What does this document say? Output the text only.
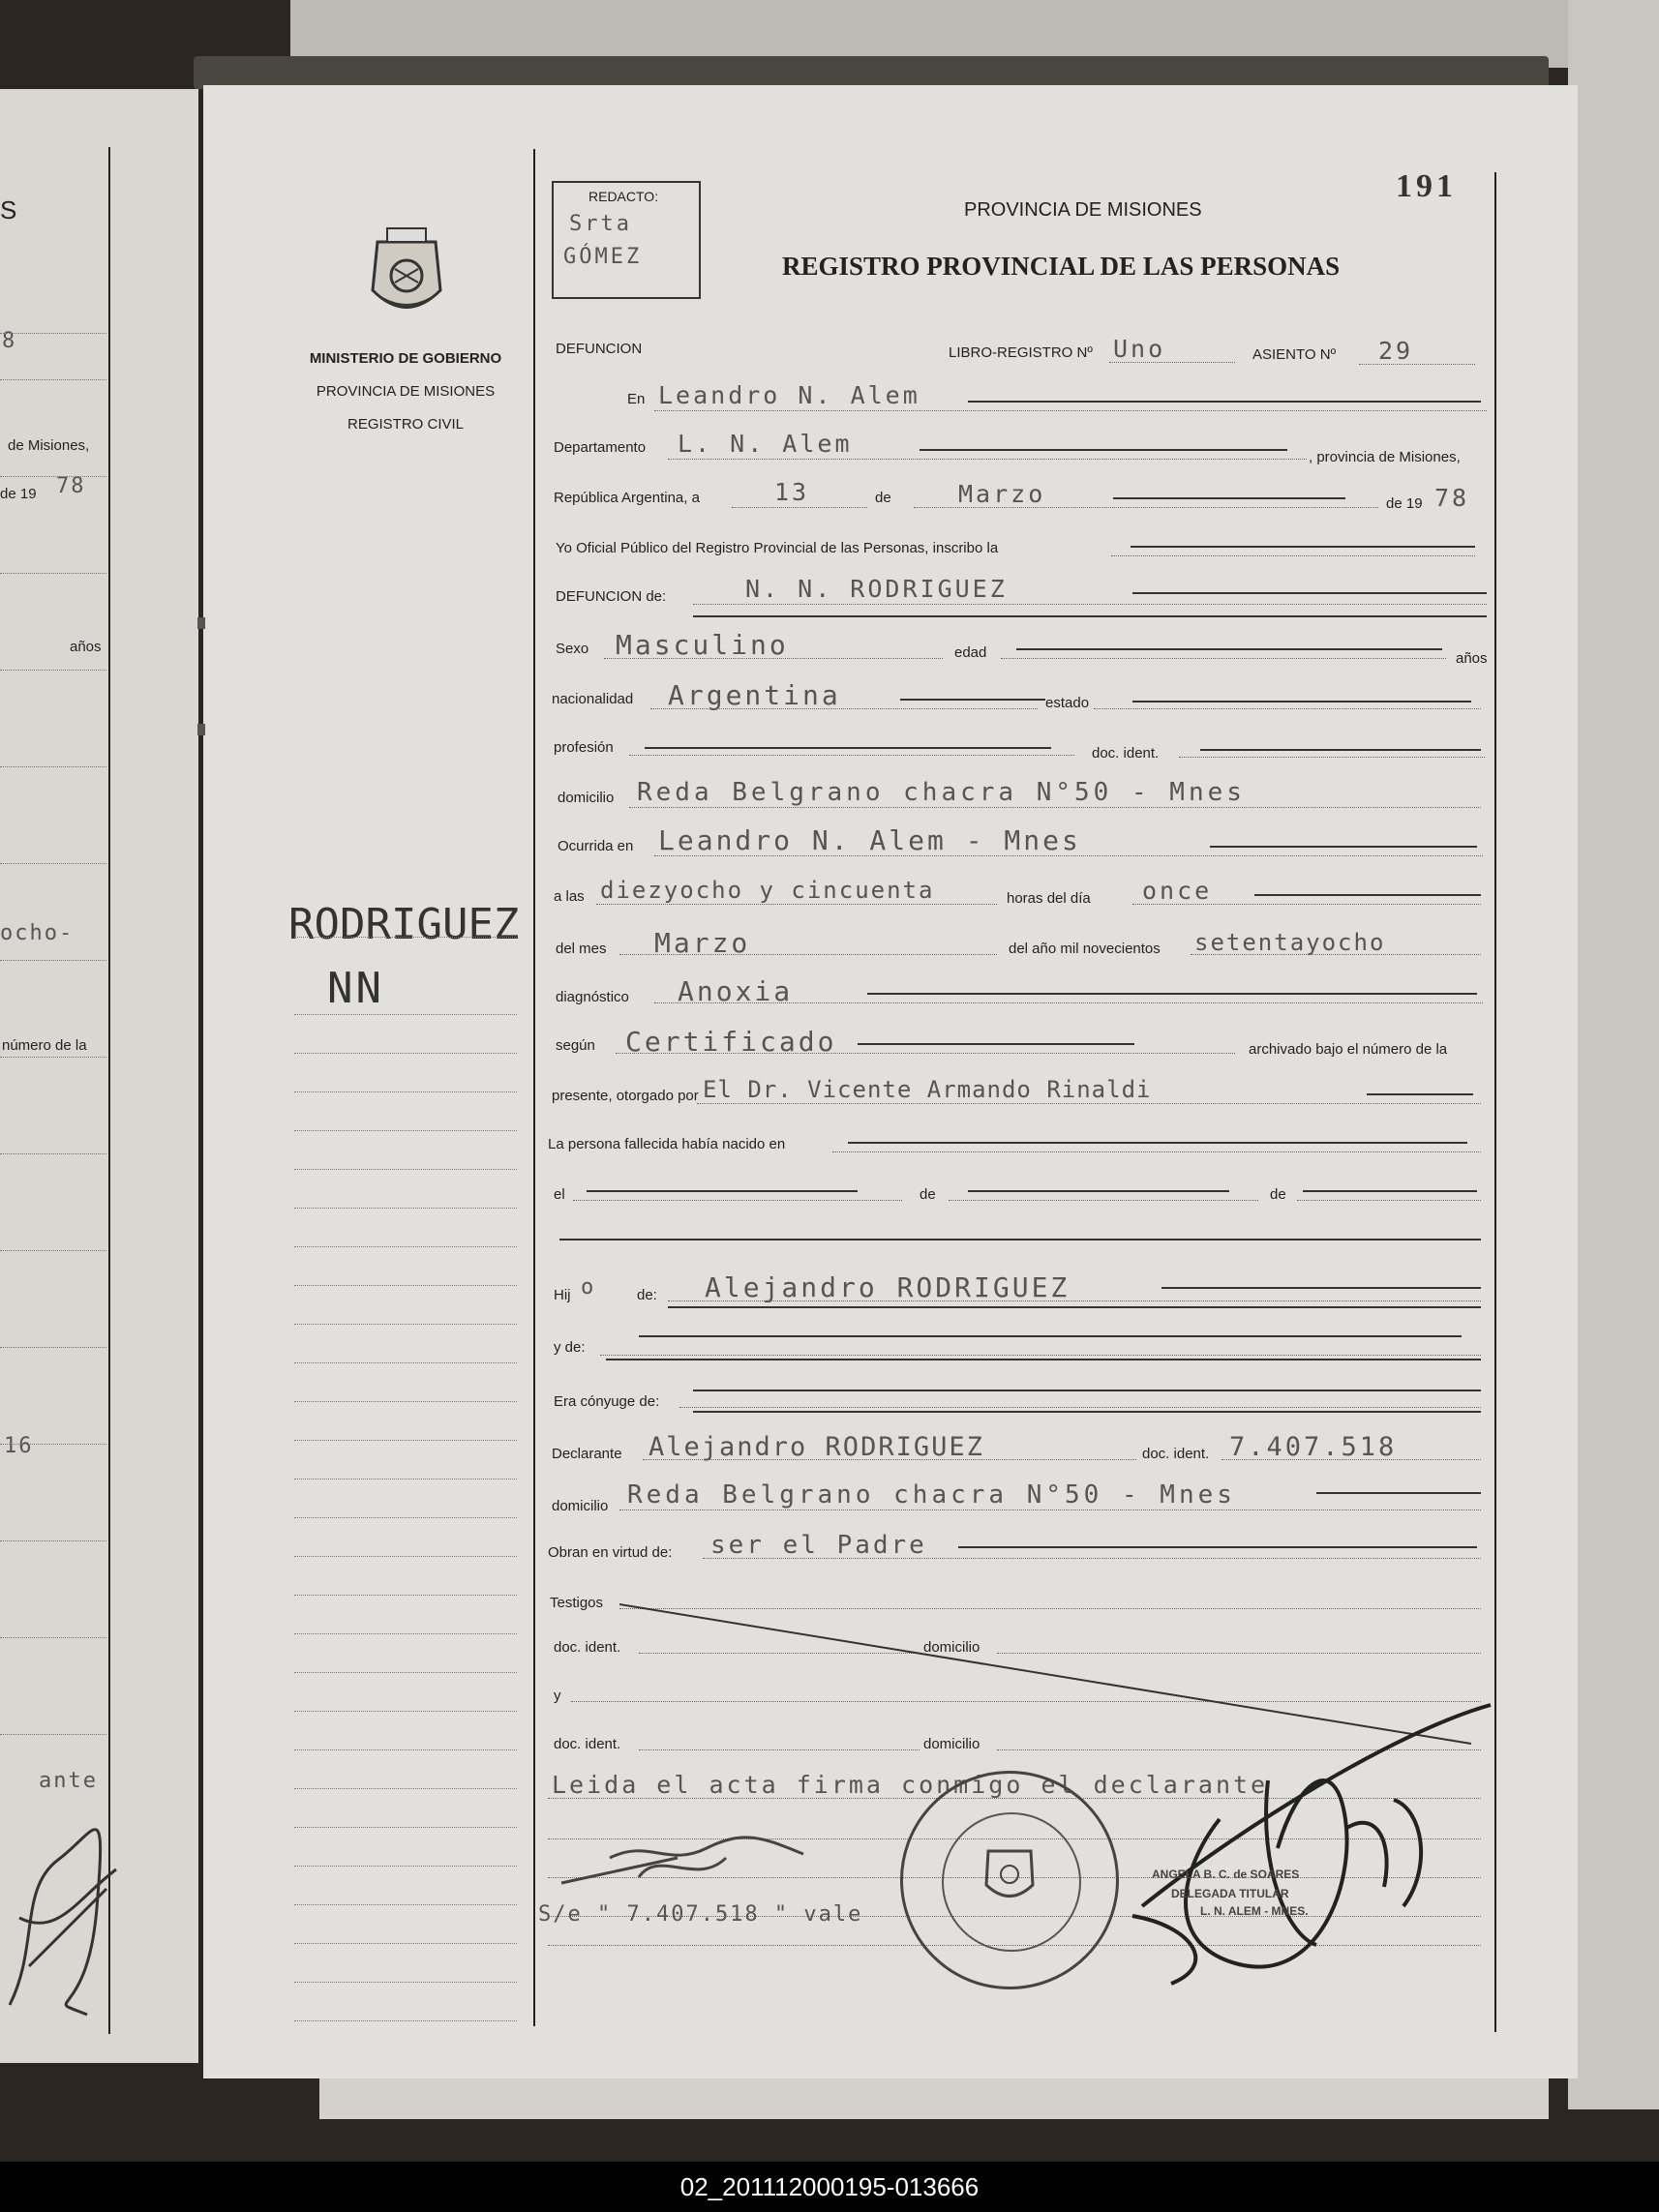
S
8
de Misiones,
de 19 78
años
ocho-
número de la
16
ante
MINISTERIO DE GOBIERNO
PROVINCIA DE MISIONES
REGISTRO CIVIL
RODRIGUEZ
NN
REDACTO:
Srta
GÓMEZ
PROVINCIA DE MISIONES
REGISTRO PROVINCIAL DE LAS PERSONAS
191
DEFUNCION	LIBRO-REGISTRO Nº Uno	ASIENTO Nº 29
En Leandro N. Alem
Departamento L. N. Alem	, provincia de Misiones,
República Argentina, a	13	de	Marzo	de 19 78
Yo Oficial Público del Registro Provincial de las Personas, inscribo la
DEFUNCION de:	N. N. RODRIGUEZ
Sexo Masculino	edad	años
nacionalidad Argentina	estado
profesión	doc. ident.
domicilio Reda Belgrano chacra N°50 - Mnes
Ocurrida en Leandro N. Alem - Mnes
a las diezyocho y cincuenta	horas del día once
del mes Marzo	del año mil novecientos setentayocho
diagnóstico Anoxia
según Certificado	archivado bajo el número de la
presente, otorgado por El Dr. Vicente Armando Rinaldi
La persona fallecida había nacido en
el	de	de
Hij o	de: Alejandro RODRIGUEZ
y de:
Era cónyuge de:
Declarante Alejandro RODRIGUEZ	doc. ident. 7.407.518
domicilio Reda Belgrano chacra N°50 - Mnes
Obran en virtud de: ser el Padre
Testigos
doc. ident.	domicilio
y
doc. ident.	domicilio
Leida el acta firma conmigo el declarante
S/e " 7.407.518 " vale
ANGELA B. C. de SOARES
DELEGADA TITULAR
L. N. ALEM - MNES.
02_201112000195-013666
